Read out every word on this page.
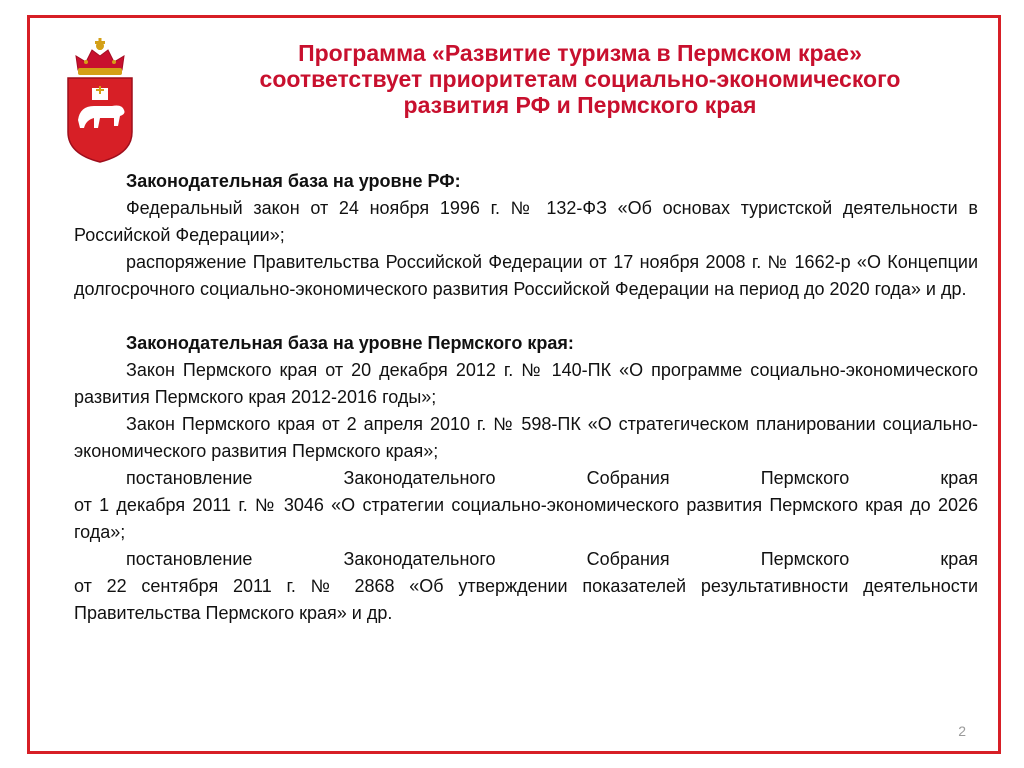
Программа «Развитие туризма в Пермском крае»
соответствует приоритетам социально-экономического
развития РФ и Пермского края
Законодательная база на уровне РФ:
Федеральный закон от 24 ноября 1996 г. № 132-ФЗ «Об основах туристской деятельности в Российской Федерации»;
распоряжение Правительства Российской Федерации от 17 ноября 2008 г. № 1662-р «О Концепции долгосрочного социально-экономического развития Российской Федерации на период до 2020 года» и др.
Законодательная база на уровне Пермского края:
Закон Пермского края от 20 декабря 2012 г. № 140-ПК «О программе социально-экономического развития Пермского края 2012-2016 годы»;
Закон Пермского края от 2 апреля 2010 г. № 598-ПК «О стратегическом планировании социально-экономического развития Пермского края»;
постановление Законодательного Собрания Пермского края
от 1 декабря 2011 г. № 3046 «О стратегии социально-экономического развития Пермского края до 2026 года»;
постановление Законодательного Собрания Пермского края
от 22 сентября 2011 г. № 2868 «Об утверждении показателей результативности деятельности Правительства Пермского края» и др.
2
